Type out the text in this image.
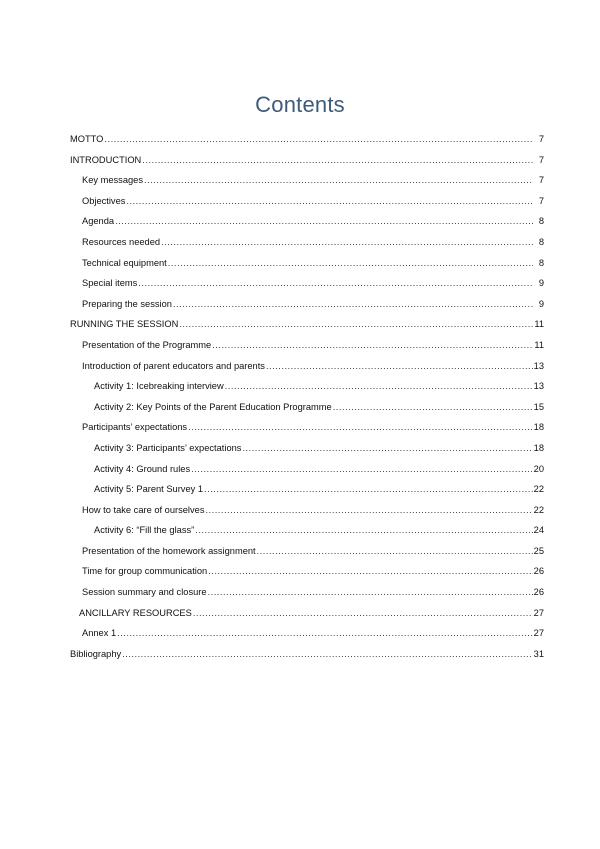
Contents
MOTTO .....	7
INTRODUCTION .....	7
Key messages .....	7
Objectives .....	7
Agenda .....	8
Resources needed .....	8
Technical equipment .....	8
Special items .....	9
Preparing the session .....	9
RUNNING THE SESSION .....	11
Presentation of the Programme .....	11
Introduction of parent educators and parents .....	13
Activity 1: Icebreaking interview .....	13
Activity 2: Key Points of the Parent Education Programme .....	15
Participants’ expectations .....	18
Activity 3: Participants’ expectations .....	18
Activity 4: Ground rules .....	20
Activity 5: Parent Survey 1 .....	22
How to take care of ourselves .....	22
Activity 6: “Fill the glass” .....	24
Presentation of the homework assignment .....	25
Time for group communication .....	26
Session summary and closure .....	26
ANCILLARY RESOURCES .....	27
Annex 1 .....	27
Bibliography .....	31
